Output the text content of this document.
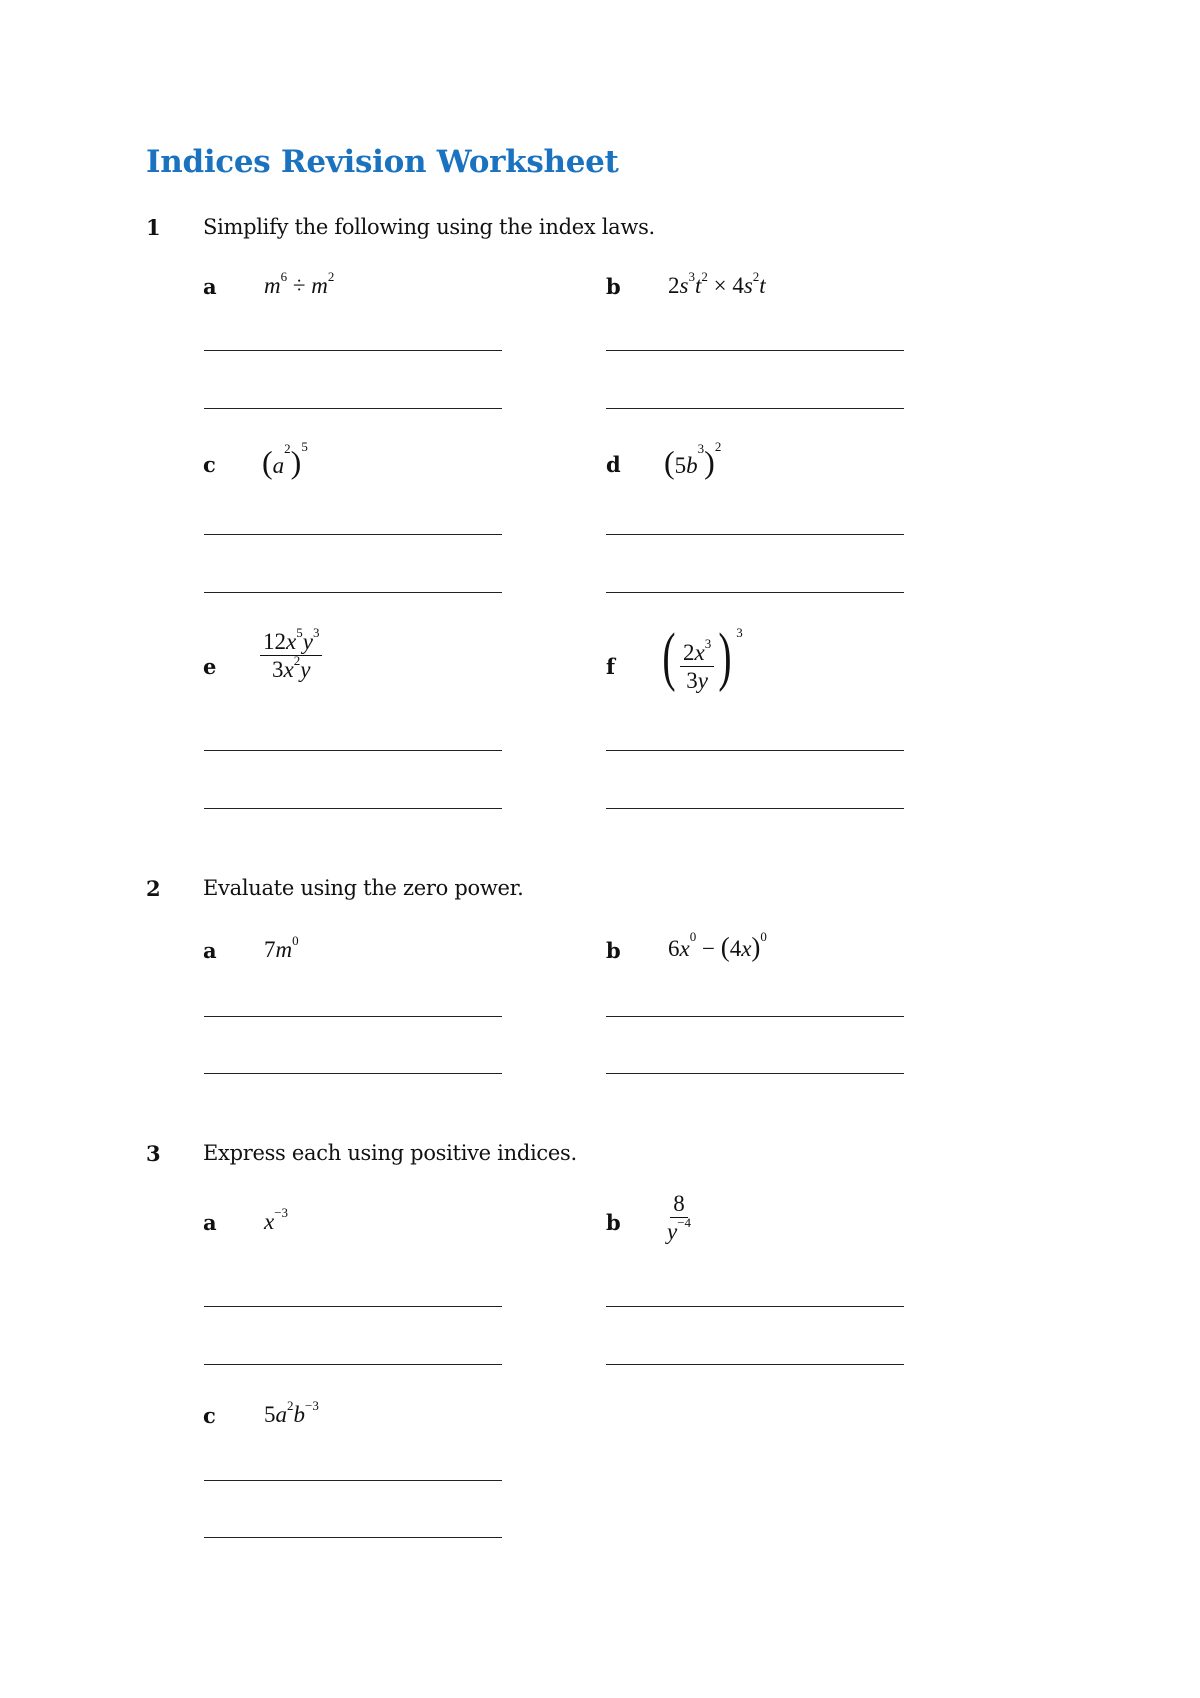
Indices Revision Worksheet
1 Simplify the following using the index laws.
a $m^6 \div m^2$	b $2s^3t^2 \times 4s^2t$
c $(a^2)^5$
d $(5b^3)^2$
e $\frac{12x^5y^3}{3x^2y}$	f ( $\frac{2x^3}{3y}$ ) $^3$
2 Evaluate using the zero power.
a $7m^0$	b $6x^0 - (4x)^0$
3 Express each using positive indices.
a $x^{-3}$	b $\frac{8}{y^{-4}}$
c $5a^2b^{-3}$
